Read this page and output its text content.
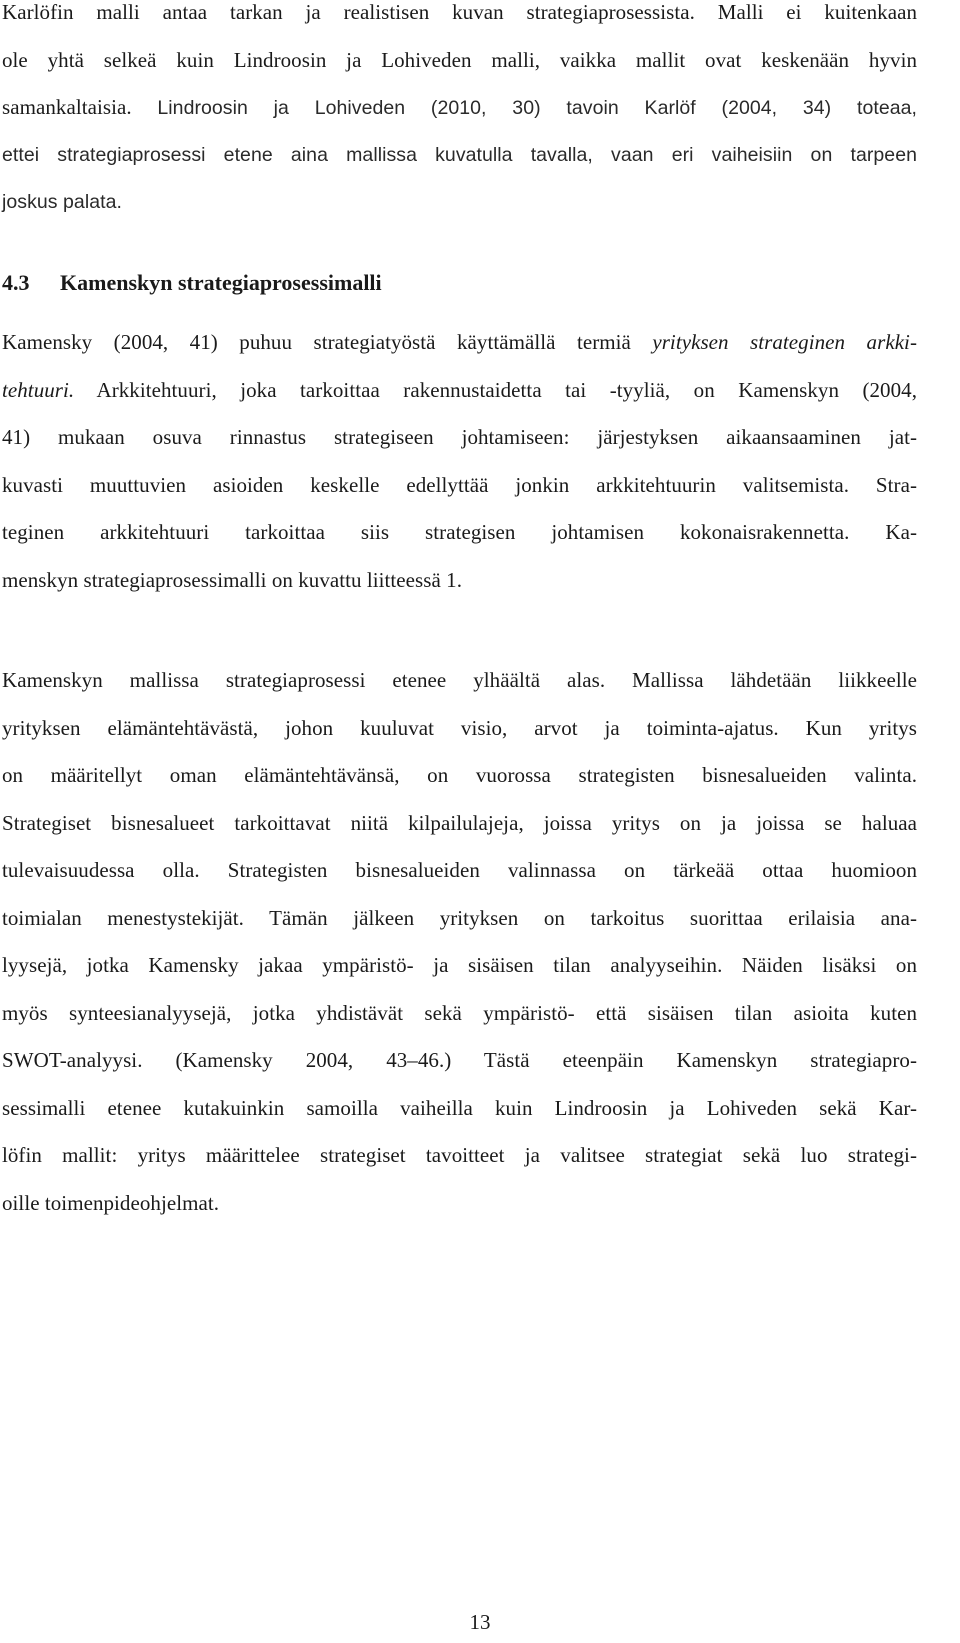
Karlöfin malli antaa tarkan ja realistisen kuvan strategiaprosessista. Malli ei kuitenkaan
ole yhtä selkeä kuin Lindroosin ja Lohiveden malli, vaikka mallit ovat keskenään hyvin
samankaltaisia. Lindroosin ja Lohiveden (2010, 30) tavoin Karlöf (2004, 34) toteaa,
ettei strategiaprosessi etene aina mallissa kuvatulla tavalla, vaan eri vaiheisiin on tarpeen
joskus palata.
4.3 Kamenskyn strategiaprosessimalli
Kamensky (2004, 41) puhuu strategiatyöstä käyttämällä termiä yrityksen strateginen arkki-
tehtuuri. Arkkitehtuuri, joka tarkoittaa rakennustaidetta tai -tyyliä, on Kamenskyn (2004,
41) mukaan osuva rinnastus strategiseen johtamiseen: järjestyksen aikaansaaminen jat-
kuvasti muuttuvien asioiden keskelle edellyttää jonkin arkkitehtuurin valitsemista. Stra-
teginen arkkitehtuuri tarkoittaa siis strategisen johtamisen kokonaisrakennetta. Ka-
menskyn strategiaprosessimalli on kuvattu liitteessä 1.
Kamenskyn mallissa strategiaprosessi etenee ylhäältä alas. Mallissa lähdetään liikkeelle
yrityksen elämäntehtävästä, johon kuuluvat visio, arvot ja toiminta-ajatus. Kun yritys
on määritellyt oman elämäntehtävänsä, on vuorossa strategisten bisnesalueiden valinta.
Strategiset bisnesalueet tarkoittavat niitä kilpailulajeja, joissa yritys on ja joissa se haluaa
tulevaisuudessa olla. Strategisten bisnesalueiden valinnassa on tärkeää ottaa huomioon
toimialan menestystekijät. Tämän jälkeen yrityksen on tarkoitus suorittaa erilaisia ana-
lyysejä, jotka Kamensky jakaa ympäristö- ja sisäisen tilan analyyseihin. Näiden lisäksi on
myös synteesianalyysejä, jotka yhdistävät sekä ympäristö- että sisäisen tilan asioita kuten
SWOT-analyysi. (Kamensky 2004, 43–46.) Tästä eteenpäin Kamenskyn strategiapro-
sessimalli etenee kutakuinkin samoilla vaiheilla kuin Lindroosin ja Lohiveden sekä Kar-
löfin mallit: yritys määrittelee strategiset tavoitteet ja valitsee strategiat sekä luo strategi-
oille toimenpideohjelmat.
13
